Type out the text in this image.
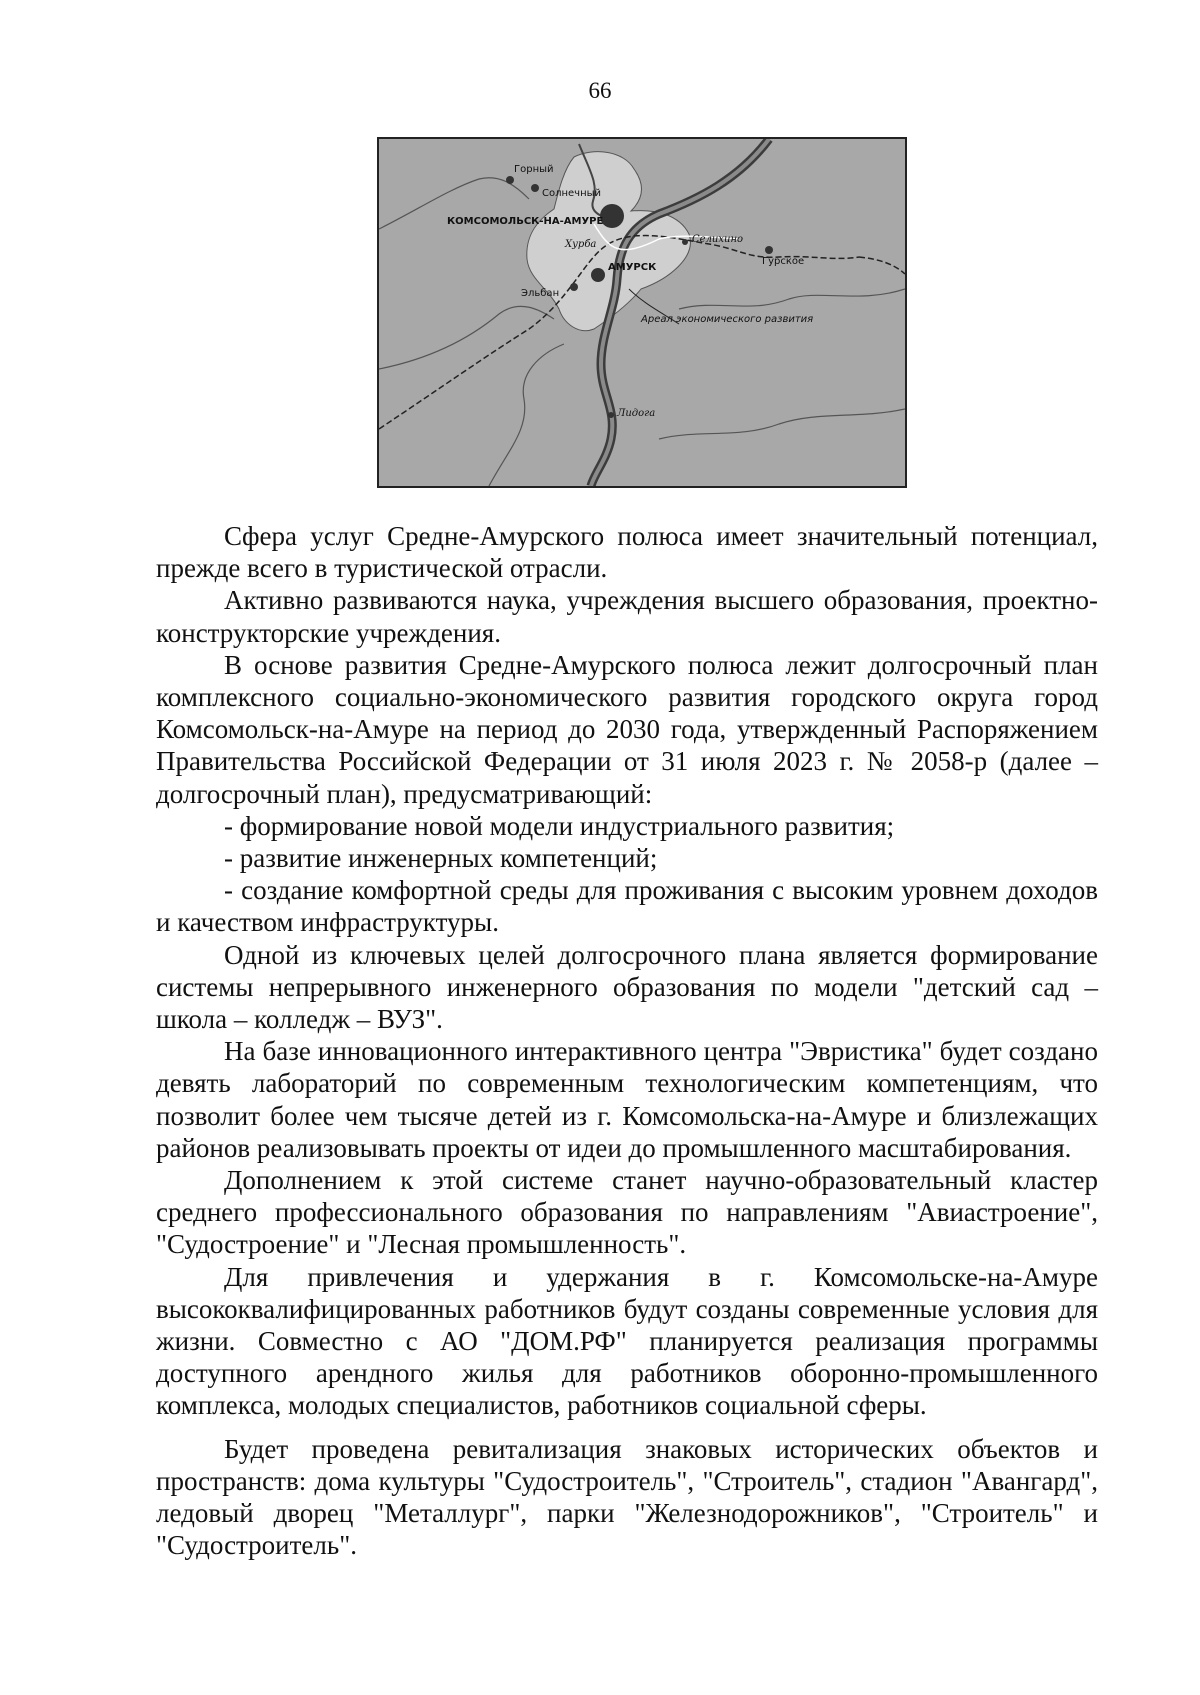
66
Горный
Солнечный
КОМСОМОЛЬСК-НА-АМУРЕ
Хурба	Селихино
Гурское
АМУРСК
Эльбан
Ареал экономического развития
Лидога

Сфера услуг Средне-Амурского полюса имеет значительный потенциал, прежде всего в туристической отрасли.

Активно развиваются наука, учреждения высшего образования, проектно-конструкторские учреждения.

В основе развития Средне-Амурского полюса лежит долгосрочный план комплексного социально-экономического развития городского округа город Комсомольск-на-Амуре на период до 2030 года, утвержденный Распоряжением Правительства Российской Федерации от 31 июля 2023 г. № 2058-р (далее – долгосрочный план), предусматривающий:

- формирование новой модели индустриального развития;

- развитие инженерных компетенций;

- создание комфортной среды для проживания с высоким уровнем доходов и качеством инфраструктуры.

Одной из ключевых целей долгосрочного плана является формирование системы непрерывного инженерного образования по модели "детский сад – школа – колледж – ВУЗ".

На базе инновационного интерактивного центра "Эвристика" будет создано девять лабораторий по современным технологическим компетенциям, что позволит более чем тысяче детей из г. Комсомольска-на-Амуре и близлежащих районов реализовывать проекты от идеи до промышленного масштабирования.

Дополнением к этой системе станет научно-образовательный кластер среднего профессионального образования по направлениям "Авиастроение", "Судостроение" и "Лесная промышленность".

Для привлечения и удержания в г. Комсомольске-на-Амуре высококвалифицированных работников будут созданы современные условия для жизни. Совместно с АО "ДОМ.РФ" планируется реализация программы доступного арендного жилья для работников оборонно-промышленного комплекса, молодых специалистов, работников социальной сферы.

Будет проведена ревитализация знаковых исторических объектов и пространств: дома культуры "Судостроитель", "Строитель", стадион "Авангард", ледовый дворец "Металлург", парки "Железнодорожников", "Строитель" и "Судостроитель".
